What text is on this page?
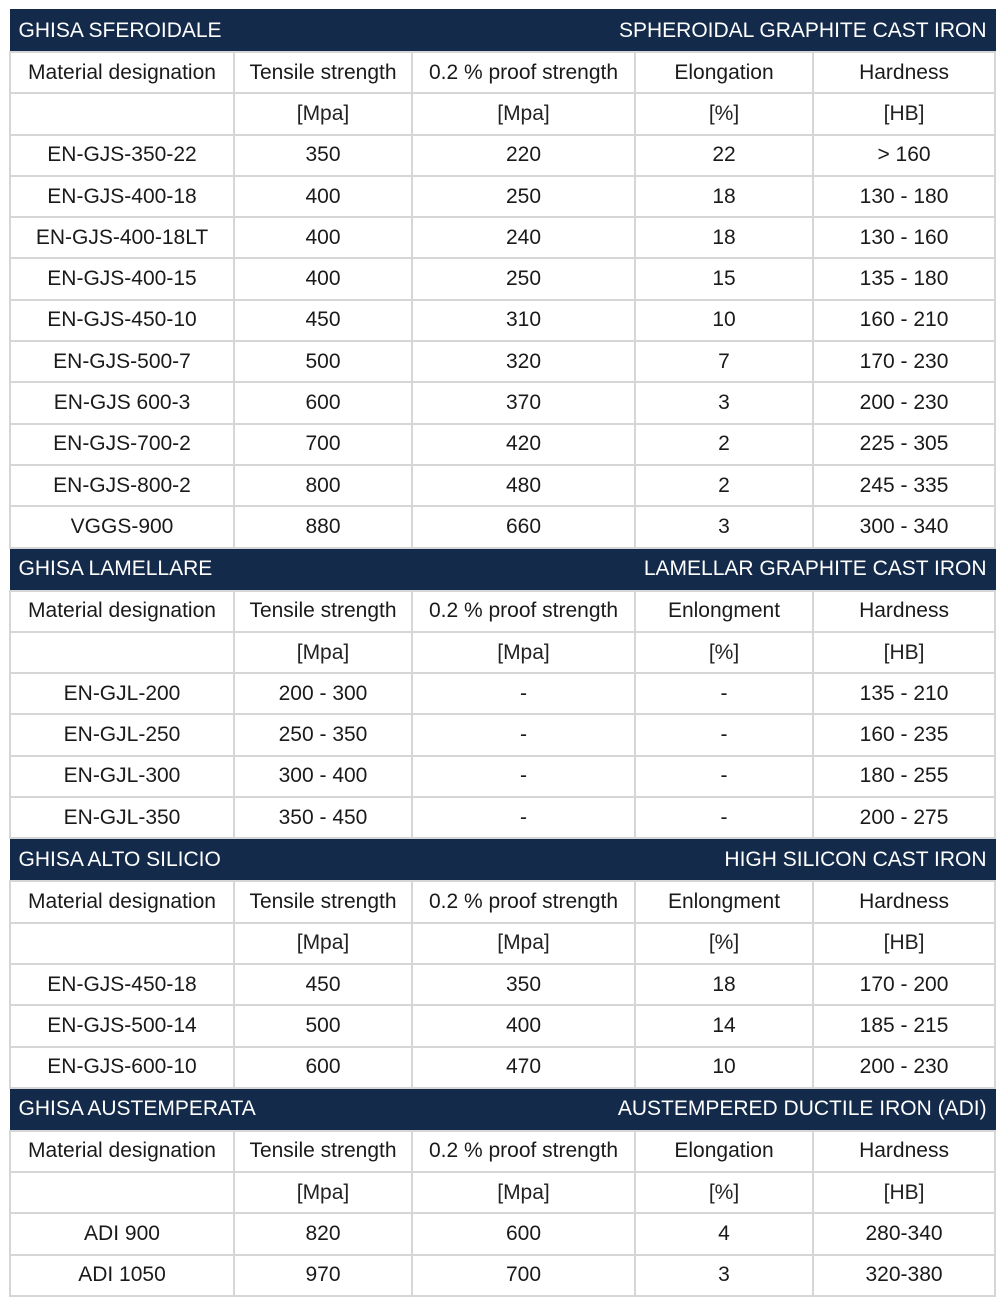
GHISA SFEROIDALE SPHEROIDAL GRAPHITE CAST IRON				

Material designation	Tensile strength	0.2 % proof strength	Elongation	Hardness
	[Mpa]	[Mpa]	[%]	[HB]
EN-GJS-350-22	350	220	22	> 160
EN-GJS-400-18	400	250	18	130 - 180
EN-GJS-400-18LT	400	240	18	130 - 160
EN-GJS-400-15	400	250	15	135 - 180
EN-GJS-450-10	450	310	10	160 - 210
EN-GJS-500-7	500	320	7	170 - 230
EN-GJS 600-3	600	370	3	200 - 230
EN-GJS-700-2	700	420	2	225 - 305
EN-GJS-800-2	800	480	2	245 - 335
VGGS-900	880	660	3	300 - 340

GHISA LAMELLARE LAMELLAR GRAPHITE CAST IRON				

Material designation	Tensile strength	0.2 % proof strength	Enlongment	Hardness
	[Mpa]	[Mpa]	[%]	[HB]
EN-GJL-200	200 - 300	-	-	135 - 210
EN-GJL-250	250 - 350	-	-	160 - 235
EN-GJL-300	300 - 400	-	-	180 - 255
EN-GJL-350	350 - 450	-	-	200 - 275

GHISA ALTO SILICIO HIGH SILICON CAST IRON				

Material designation	Tensile strength	0.2 % proof strength	Enlongment	Hardness
	[Mpa]	[Mpa]	[%]	[HB]
EN-GJS-450-18	450	350	18	170 - 200
EN-GJS-500-14	500	400	14	185 - 215
EN-GJS-600-10	600	470	10	200 - 230

GHISA AUSTEMPERATA AUSTEMPERED DUCTILE IRON (ADI)				

Material designation	Tensile strength	0.2 % proof strength	Elongation	Hardness
	[Mpa]	[Mpa]	[%]	[HB]
ADI 900	820	600	4	280-340
ADI 1050	970	700	3	320-380
